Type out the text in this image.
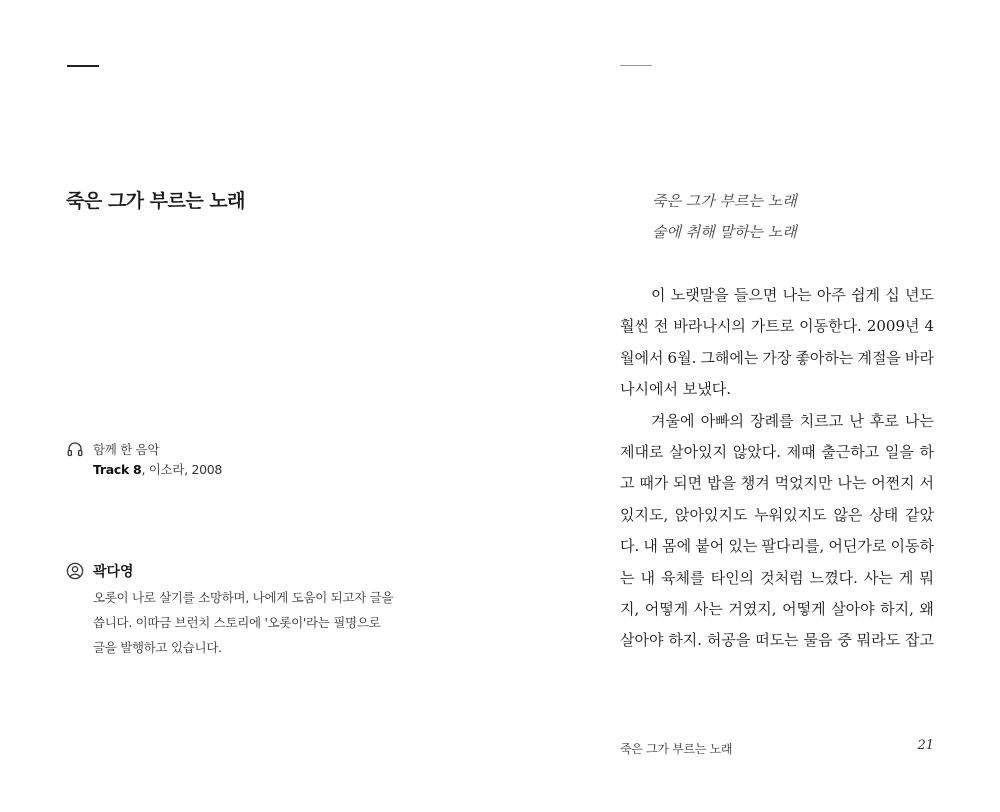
죽은 그가 부르는 노래
함께 한 음악
Track 8, 이소라, 2008
곽다영
오롯이 나로 살기를 소망하며, 나에게 도움이 되고자 글을
씁니다. 이따금 브런치 스토리에 '오롯이'라는 필명으로
글을 발행하고 있습니다.
죽은 그가 부르는 노래
술에 취해 말하는 노래
이 노랫말을 들으면 나는 아주 쉽게 십 년도
훨씬 전 바라나시의 가트로 이동한다. 2009년 4
월에서 6월. 그해에는 가장 좋아하는 계절을 바라
나시에서 보냈다.
겨울에 아빠의 장례를 치르고 난 후로 나는
제대로 살아있지 않았다. 제때 출근하고 일을 하
고 때가 되면 밥을 챙겨 먹었지만 나는 어쩐지 서
있지도, 앉아있지도 누워있지도 않은 상태 같았
다. 내 몸에 붙어 있는 팔다리를, 어딘가로 이동하
는 내 육체를 타인의 것처럼 느꼈다. 사는 게 뭐
지, 어떻게 사는 거였지, 어떻게 살아야 하지, 왜
살아야 하지. 허공을 떠도는 물음 중 뭐라도 잡고
죽은 그가 부르는 노래	21
